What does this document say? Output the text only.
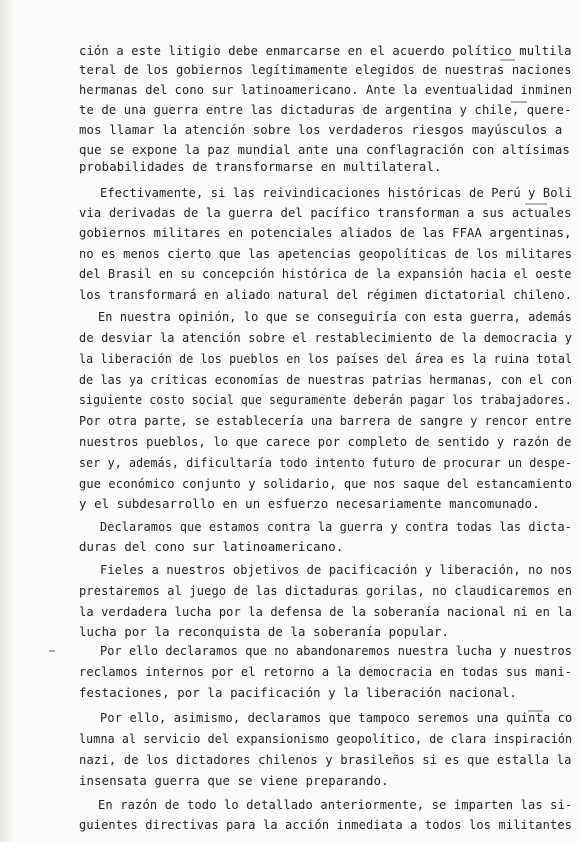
ción a este litigio debe enmarcarse en el acuerdo político multila
teral de los gobiernos legítimamente elegidos de nuestras naciones
hermanas del cono sur latinoamericano. Ante la eventualidad inminen
te de una guerra entre las dictaduras de argentina y chile, quere-
mos llamar la atención sobre los verdaderos riesgos mayúsculos a
que se expone la paz mundial ante una conflagración con altísimas
probabilidades de transformarse en multilateral.
Efectivamente, si las reivindicaciones históricas de Perú y Boli
via derivadas de la guerra del pacífico transforman a sus actuales
gobiernos militares en potenciales aliados de las FFAA argentinas,
no es menos cierto que las apetencias geopolíticas de los militares
del Brasil en su concepción histórica de la expansión hacia el oeste
los transformará en aliado natural del régimen dictatorial chileno.
En nuestra opinión, lo que se conseguiría con esta guerra, además
de desviar la atención sobre el restablecimiento de la democracia y
la liberación de los pueblos en los países del área es la ruina total
de las ya críticas economías de nuestras patrias hermanas, con el con
siguiente costo social que seguramente deberán pagar los trabajadores.
Por otra parte, se establecería una barrera de sangre y rencor entre
nuestros pueblos, lo que carece por completo de sentido y razón de
ser y, además, dificultaría todo intento futuro de procurar un despe-
gue económico conjunto y solidario, que nos saque del estancamiento
y el subdesarrollo en un esfuerzo necesariamente mancomunado.
Declaramos que estamos contra la guerra y contra todas las dicta-
duras del cono sur latinoamericano.
Fieles a nuestros objetivos de pacificación y liberación, no nos
prestaremos al juego de las dictaduras gorilas, no claudicaremos en
la verdadera lucha por la defensa de la soberanía nacional ni en la
lucha por la reconquista de la soberanía popular.
Por ello declaramos que no abandonaremos nuestra lucha y nuestros
reclamos internos por el retorno a la democracia en todas sus mani-
festaciones, por la pacificación y la liberación nacional.
Por ello, asimismo, declaramos que tampoco seremos una quinta co
lumna al servicio del expansionismo geopolítico, de clara inspiración
nazi, de los dictadores chilenos y brasileños si es que estalla la
insensata guerra que se viene preparando.
En razón de todo lo detallado anteriormente, se imparten las si-
guientes directivas para la acción inmediata a todos los militantes
